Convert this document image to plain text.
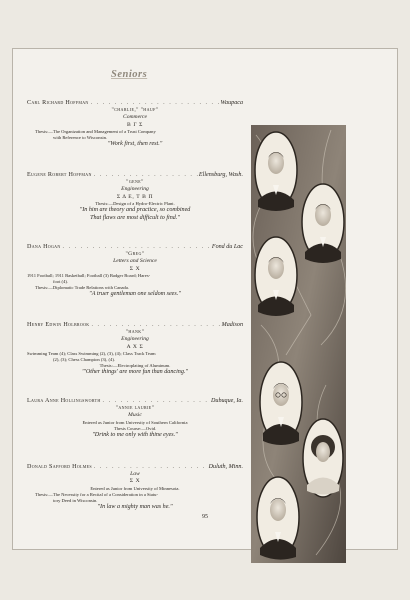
Seniors
Carl Richard Hoffman . . .	Waupaca
"charlie," "hauf"
Commerce
Β Γ Σ
Thesis:—The Organization and Management of a Trust Company
with Reference to Wisconsin.
"Work first, then rest."
Eugene Robert Hoffman . . .	Ellensburg, Wash.
"gene"
Engineering
Σ Δ Ε, Τ Β Π
Thesis:—Design of a Hydro-Electric Plant.
"In him are theory and practice, so combined
That flaws are most difficult to find."
Dana Hogan . . .	Fond du Lac
"Greg"
Letters and Science
Σ Χ
1911 Football; 1911 Basketball; Football (3) Badger Board; Hares-
foot (4).
Thesis:—Diplomatic Trade Relations with Canada.
"A truer gentleman one seldom sees."
Henry Edwin Holbrook . . .	Madison
"hank"
Engineering
Α Χ Σ
Swimming Team (4); Class Swimming (2), (3), (4); Class Track Team
(2), (3); Chess Champion (3), (4).
Thesis:—Electroplating of Aluminum.
"'Other things' are more fun than dancing."
Laura Anne Hollingsworth . . .	Dubuque, Ia.
"annie laurie"
Music
Entered as Junior from University of Southern California
Thesis Course:—Ovid.
"Drink to me only with thine eyes."
Donald Safford Holmes . . .	Duluth, Minn.
Law
Σ Χ
Entered as Junior from University of Minnesota.
Thesis:—The Necessity for a Recital of a Consideration in a Statu-
tory Deed in Wisconsin.
"In law a mighty man was he."
95
